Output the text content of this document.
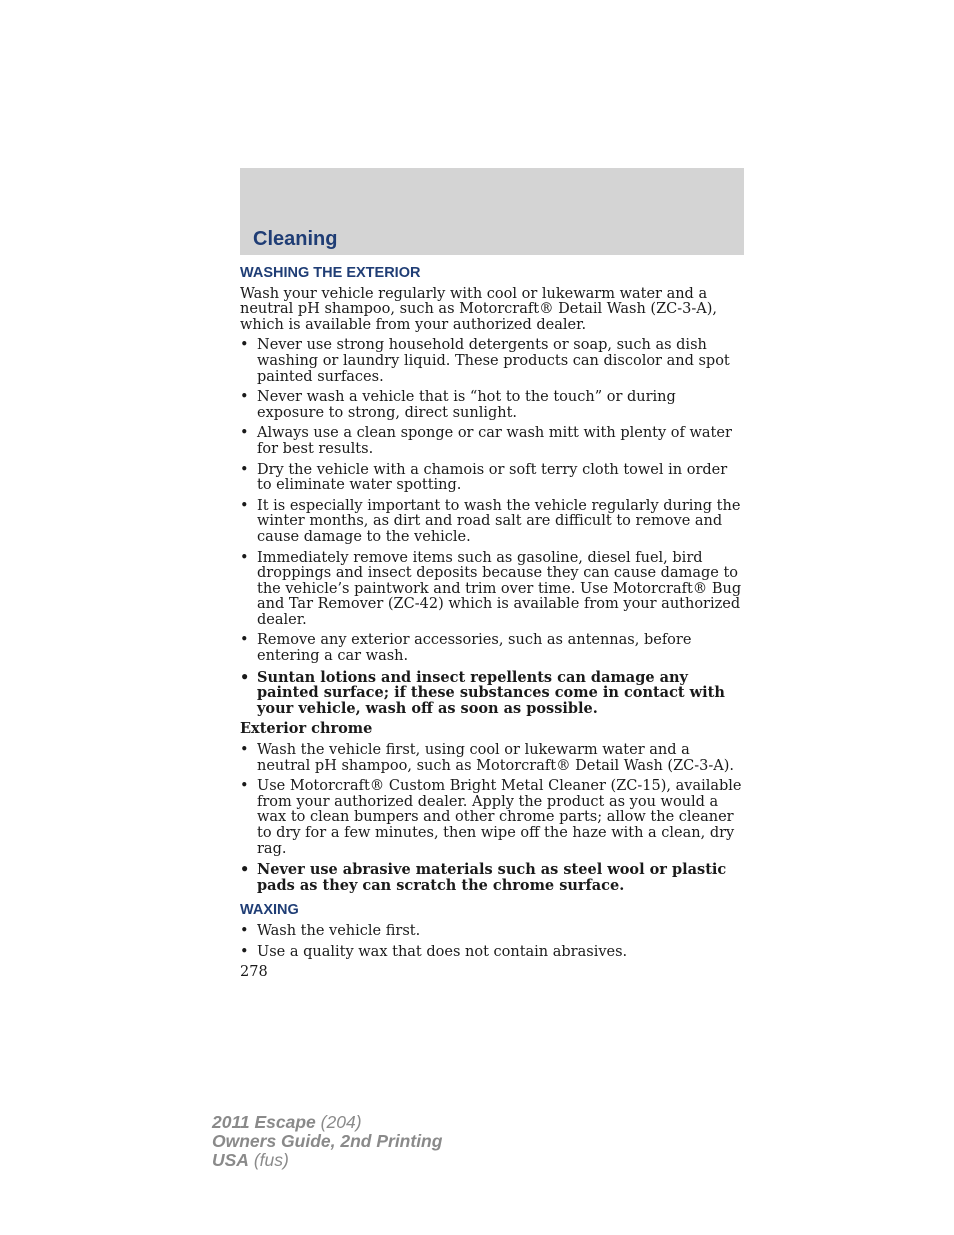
Cleaning
WASHING THE EXTERIOR

Wash your vehicle regularly with cool or lukewarm water and a neutral pH shampoo, such as Motorcraft® Detail Wash (ZC-3-A), which is available from your authorized dealer.

• Never use strong household detergents or soap, such as dish washing or laundry liquid. These products can discolor and spot painted surfaces.
• Never wash a vehicle that is “hot to the touch” or during exposure to strong, direct sunlight.
• Always use a clean sponge or car wash mitt with plenty of water for best results.
• Dry the vehicle with a chamois or soft terry cloth towel in order to eliminate water spotting.
• It is especially important to wash the vehicle regularly during the winter months, as dirt and road salt are difficult to remove and cause damage to the vehicle.
• Immediately remove items such as gasoline, diesel fuel, bird droppings and insect deposits because they can cause damage to the vehicle’s paintwork and trim over time. Use Motorcraft® Bug and Tar Remover (ZC-42) which is available from your authorized dealer.
• Remove any exterior accessories, such as antennas, before entering a car wash.
• Suntan lotions and insect repellents can damage any painted surface; if these substances come in contact with your vehicle, wash off as soon as possible.
Exterior chrome
• Wash the vehicle first, using cool or lukewarm water and a neutral pH shampoo, such as Motorcraft® Detail Wash (ZC-3-A).
• Use Motorcraft® Custom Bright Metal Cleaner (ZC-15), available from your authorized dealer. Apply the product as you would a wax to clean bumpers and other chrome parts; allow the cleaner to dry for a few minutes, then wipe off the haze with a clean, dry rag.
• Never use abrasive materials such as steel wool or plastic pads as they can scratch the chrome surface.
WAXING
• Wash the vehicle first.
• Use a quality wax that does not contain abrasives.
278
2011 Escape (204)
Owners Guide, 2nd Printing
USA (fus)
